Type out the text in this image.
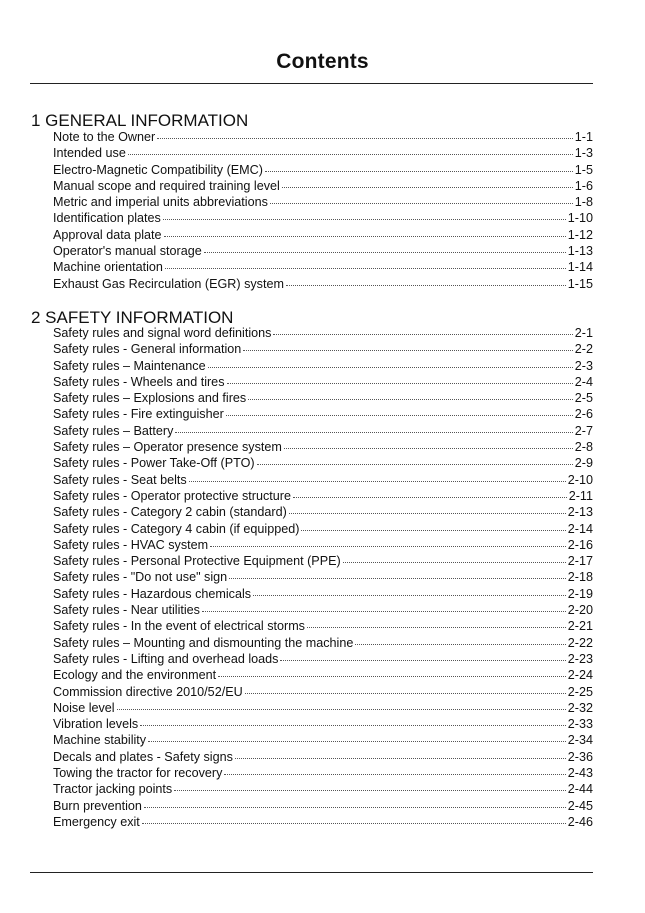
Contents
1 GENERAL INFORMATION
Note to the Owner	1-1
Intended use	1-3
Electro-Magnetic Compatibility (EMC)	1-5
Manual scope and required training level	1-6
Metric and imperial units abbreviations	1-8
Identification plates	1-10
Approval data plate	1-12
Operator's manual storage	1-13
Machine orientation	1-14
Exhaust Gas Recirculation (EGR) system	1-15
2 SAFETY INFORMATION
Safety rules and signal word definitions	2-1
Safety rules - General information	2-2
Safety rules – Maintenance	2-3
Safety rules - Wheels and tires	2-4
Safety rules – Explosions and fires	2-5
Safety rules - Fire extinguisher	2-6
Safety rules – Battery	2-7
Safety rules – Operator presence system	2-8
Safety rules - Power Take-Off (PTO)	2-9
Safety rules - Seat belts	2-10
Safety rules - Operator protective structure	2-11
Safety rules - Category 2 cabin (standard)	2-13
Safety rules - Category 4 cabin (if equipped)	2-14
Safety rules - HVAC system	2-16
Safety rules - Personal Protective Equipment (PPE)	2-17
Safety rules - "Do not use" sign	2-18
Safety rules - Hazardous chemicals	2-19
Safety rules - Near utilities	2-20
Safety rules - In the event of electrical storms	2-21
Safety rules – Mounting and dismounting the machine	2-22
Safety rules - Lifting and overhead loads	2-23
Ecology and the environment	2-24
Commission directive 2010/52/EU	2-25
Noise level	2-32
Vibration levels	2-33
Machine stability	2-34
Decals and plates - Safety signs	2-36
Towing the tractor for recovery	2-43
Tractor jacking points	2-44
Burn prevention	2-45
Emergency exit	2-46
